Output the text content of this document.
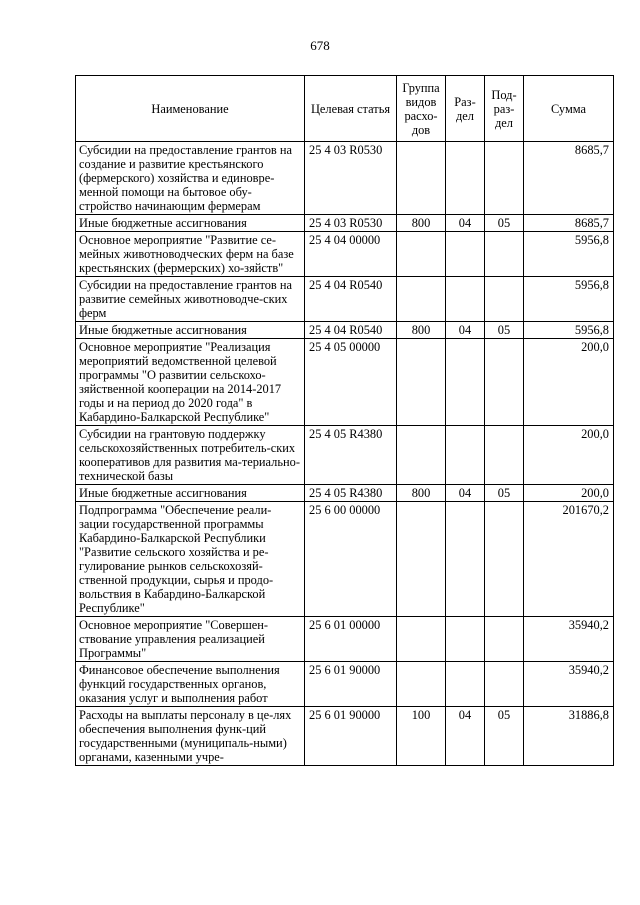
678
Наименование	Целевая статья	Группа видов расхо-дов	Раз-дел	Под-раз-дел	Сумма
Субсидии на предоставление грантов на создание и развитие крестьянского (фермерского) хозяйства и единовре-менной помощи на бытовое обу-стройство начинающим фермерам	25 4 03 R0530				8685,7
Иные бюджетные ассигнования	25 4 03 R0530	800	04	05	8685,7
Основное мероприятие "Развитие се-мейных животноводческих ферм на базе крестьянских (фермерских) хо-зяйств"	25 4 04 00000				5956,8
Субсидии на предоставление грантов на развитие семейных животноводче-ских ферм	25 4 04 R0540				5956,8
Иные бюджетные ассигнования	25 4 04 R0540	800	04	05	5956,8
Основное мероприятие "Реализация мероприятий ведомственной целевой программы "О развитии сельскохо-зяйственной кооперации на 2014-2017 годы и на период до 2020 года" в Кабардино-Балкарской Республике"	25 4 05 00000				200,0
Субсидии на грантовую поддержку сельскохозяйственных потребитель-ских кооперативов для развития ма-териально-технической базы	25 4 05 R4380				200,0
Иные бюджетные ассигнования	25 4 05 R4380	800	04	05	200,0
Подпрограмма "Обеспечение реали-зации государственной программы Кабардино-Балкарской Республики "Развитие сельского хозяйства и ре-гулирование рынков сельскохозяй-ственной продукции, сырья и продо-вольствия в Кабардино-Балкарской Республике"	25 6 00 00000				201670,2
Основное мероприятие "Совершен-ствование управления реализацией Программы"	25 6 01 00000				35940,2
Финансовое обеспечение выполнения функций государственных органов, оказания услуг и выполнения работ	25 6 01 90000				35940,2
Расходы на выплаты персоналу в це-лях обеспечения выполнения функ-ций государственными (муниципаль-ными) органами, казенными учре-	25 6 01 90000	100	04	05	31886,8
